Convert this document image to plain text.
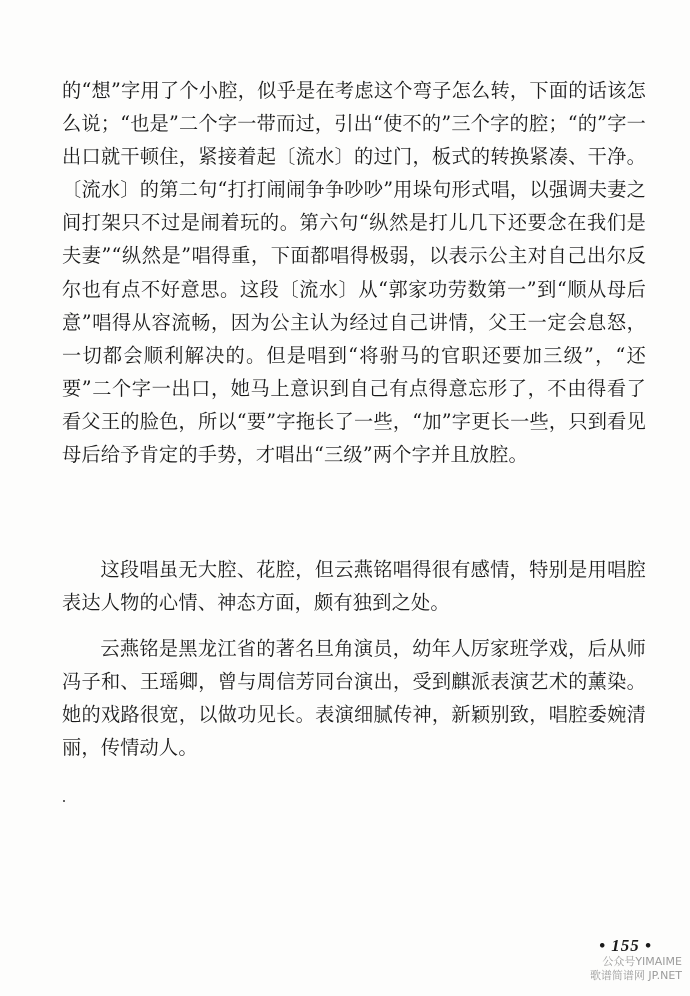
的“想”字用了个小腔，似乎是在考虑这个弯子怎么转，下面的话该怎么说；“也是”二个字一带而过，引出“使不的”三个字的腔；“的”字一出口就干顿住，紧接着起〔流水〕的过门，板式的转换紧凑、干净。〔流水〕的第二句“打打闹闹争争吵吵”用垛句形式唱，以强调夫妻之间打架只不过是闹着玩的。第六句“纵然是打儿几下还要念在我们是夫妻”“纵然是”唱得重，下面都唱得极弱，以表示公主对自己出尔反尔也有点不好意思。这段〔流水〕从“郭家功劳数第一”到“顺从母后意”唱得从容流畅，因为公主认为经过自己讲情，父王一定会息怒，一切都会顺利解决的。但是唱到“将驸马的官职还要加三级”，“还要”二个字一出口，她马上意识到自己有点得意忘形了，不由得看了看父王的脸色，所以“要”字拖长了一些，“加”字更长一些，只到看见母后给予肯定的手势，才唱出“三级”两个字并且放腔。

这段唱虽无大腔、花腔，但云燕铭唱得很有感情，特别是用唱腔表达人物的心情、神态方面，颇有独到之处。

云燕铭是黑龙江省的著名旦角演员，幼年人厉家班学戏，后从师冯子和、王瑶卿，曾与周信芳同台演出，受到麒派表演艺术的薰染。她的戏路很宽，以做功见长。表演细腻传神，新颖别致，唱腔委婉清丽，传情动人。

• 155 •
公众号YIMAIME
歌谱简谱网 JP.NET
